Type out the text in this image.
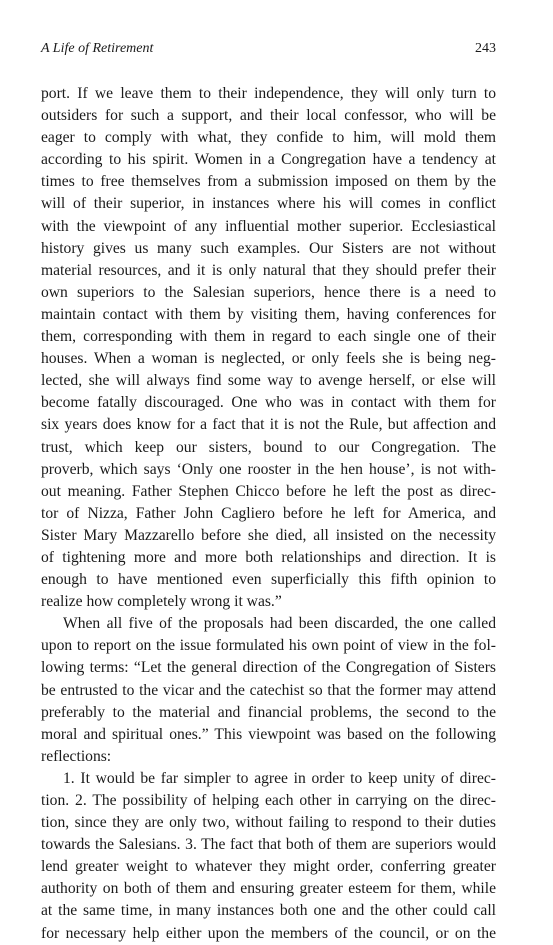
A Life of Retirement	243
port. If we leave them to their independence, they will only turn to
outsiders for such a support, and their local confessor, who will be
eager to comply with what, they confide to him, will mold them
according to his spirit. Women in a Congregation have a tendency at
times to free themselves from a submission imposed on them by the
will of their superior, in instances where his will comes in conflict
with the viewpoint of any influential mother superior. Ecclesiastical
history gives us many such examples. Our Sisters are not without
material resources, and it is only natural that they should prefer their
own superiors to the Salesian superiors, hence there is a need to
maintain contact with them by visiting them, having conferences for
them, corresponding with them in regard to each single one of their
houses. When a woman is neglected, or only feels she is being neg-
lected, she will always find some way to avenge herself, or else will
become fatally discouraged. One who was in contact with them for
six years does know for a fact that it is not the Rule, but affection and
trust, which keep our sisters, bound to our Congregation. The
proverb, which says ‘Only one rooster in the hen house’, is not with-
out meaning. Father Stephen Chicco before he left the post as direc-
tor of Nizza, Father John Cagliero before he left for America, and
Sister Mary Mazzarello before she died, all insisted on the necessity
of tightening more and more both relationships and direction. It is
enough to have mentioned even superficially this fifth opinion to
realize how completely wrong it was.”
When all five of the proposals had been discarded, the one called
upon to report on the issue formulated his own point of view in the fol-
lowing terms: “Let the general direction of the Congregation of Sisters
be entrusted to the vicar and the catechist so that the former may attend
preferably to the material and financial problems, the second to the
moral and spiritual ones.” This viewpoint was based on the following
reflections:
1. It would be far simpler to agree in order to keep unity of direc-
tion. 2. The possibility of helping each other in carrying on the direc-
tion, since they are only two, without failing to respond to their duties
towards the Salesians. 3. The fact that both of them are superiors would
lend greater weight to whatever they might order, conferring greater
authority on both of them and ensuring greater esteem for them, while
at the same time, in many instances both one and the other could call
for necessary help either upon the members of the council, or on the
